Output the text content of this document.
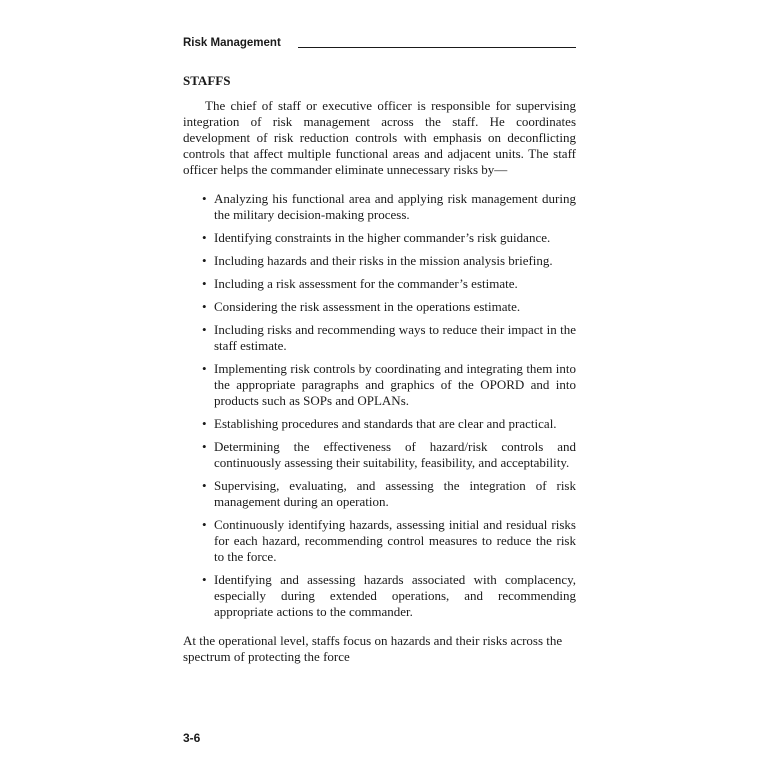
Risk Management
STAFFS

The chief of staff or executive officer is responsible for supervising integration of risk management across the staff. He coordinates development of risk reduction controls with emphasis on deconflicting controls that affect multiple functional areas and adjacent units. The staff officer helps the commander eliminate unnecessary risks by—

• Analyzing his functional area and applying risk management during the military decision-making process.
• Identifying constraints in the higher commander’s risk guidance.
• Including hazards and their risks in the mission analysis briefing.
• Including a risk assessment for the commander’s estimate.
• Considering the risk assessment in the operations estimate.
• Including risks and recommending ways to reduce their impact in the staff estimate.
• Implementing risk controls by coordinating and integrating them into the appropriate paragraphs and graphics of the OPORD and into products such as SOPs and OPLANs.
• Establishing procedures and standards that are clear and practical.
• Determining the effectiveness of hazard/risk controls and continuously assessing their suitability, feasibility, and acceptability.
• Supervising, evaluating, and assessing the integration of risk management during an operation.
• Continuously identifying hazards, assessing initial and residual risks for each hazard, recommending control measures to reduce the risk to the force.
• Identifying and assessing hazards associated with complacency, especially during extended operations, and recommending appropriate actions to the commander.

At the operational level, staffs focus on hazards and their risks across the spectrum of protecting the force

3-6
